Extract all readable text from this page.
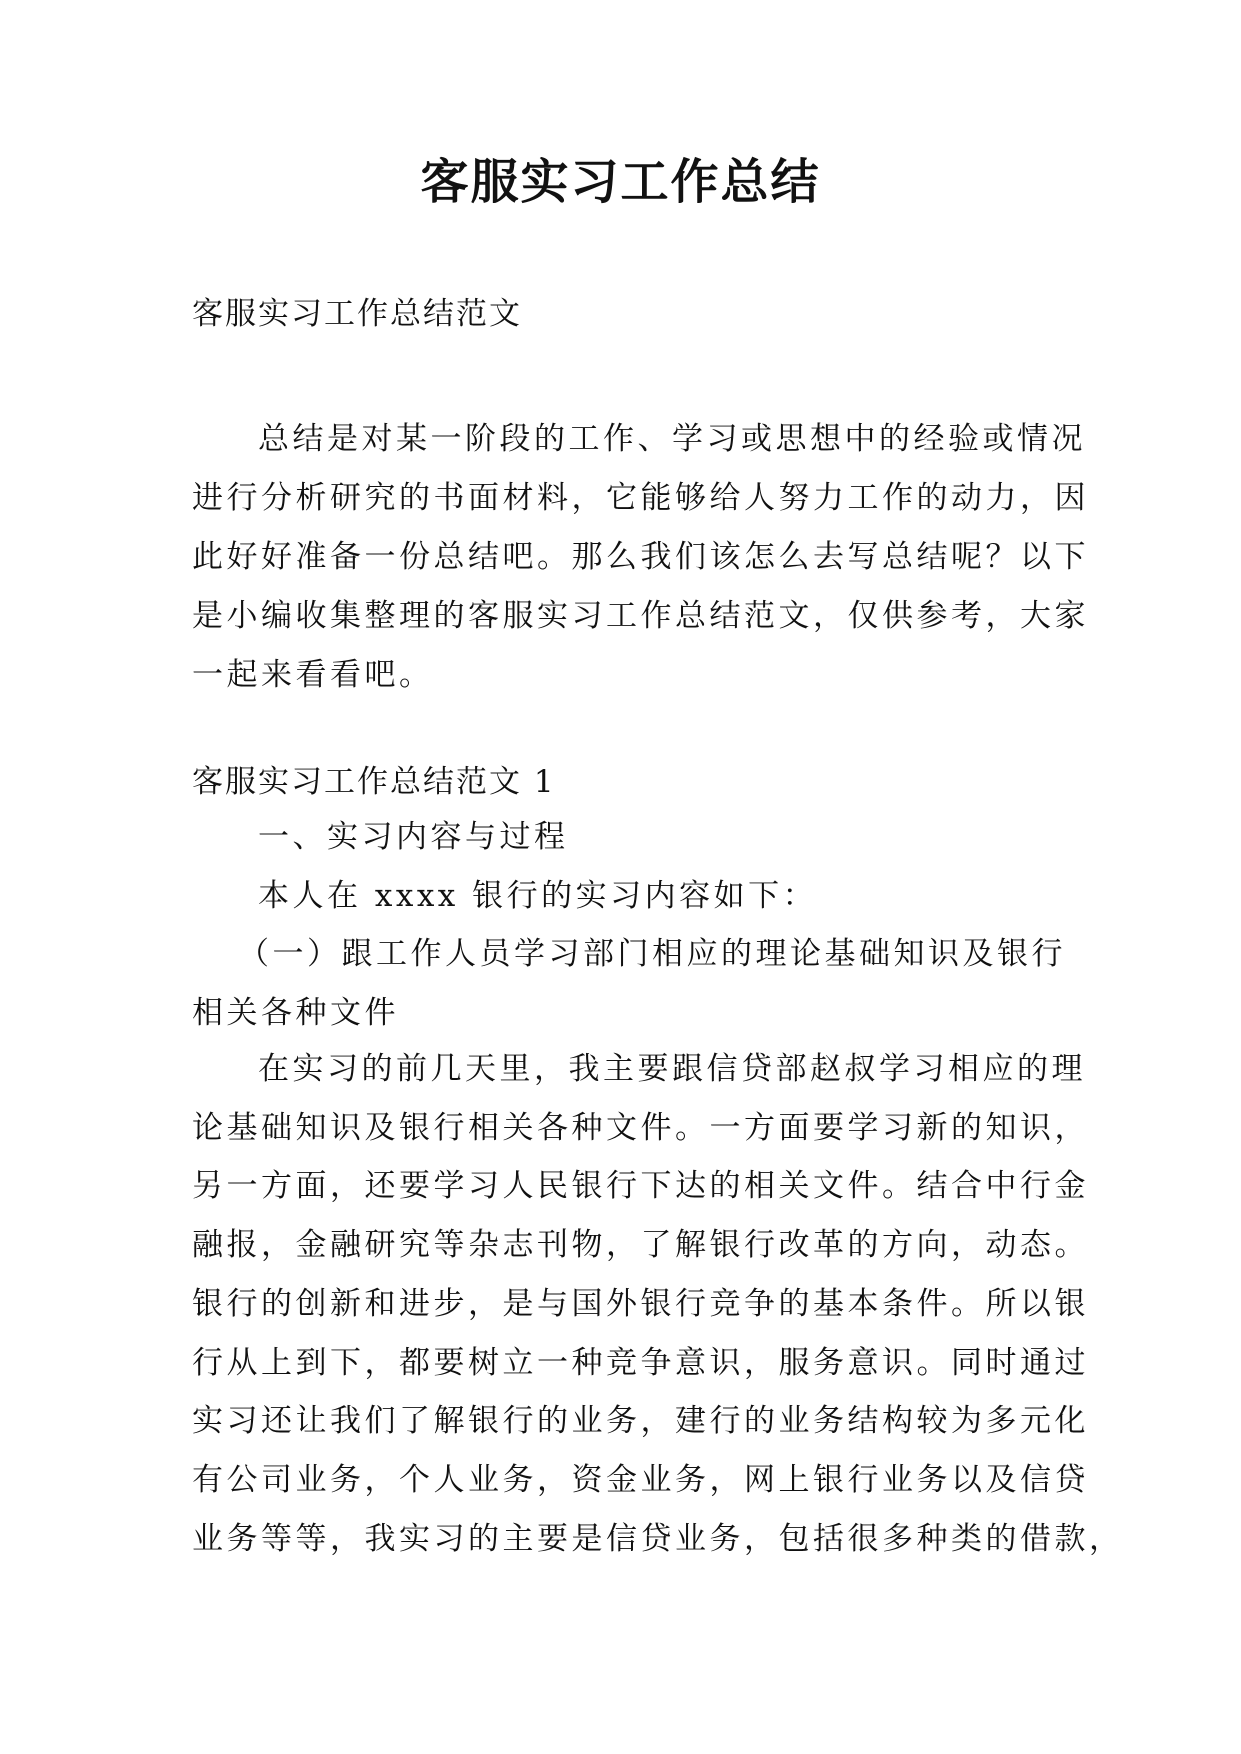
客服实习工作总结

客服实习工作总结范文

总结是对某一阶段的工作、学习或思想中的经验或情况
进行分析研究的书面材料，它能够给人努力工作的动力，因
此好好准备一份总结吧。那么我们该怎么去写总结呢？以下
是小编收集整理的客服实习工作总结范文，仅供参考，大家
一起来看看吧。

客服实习工作总结范文 1

一、实习内容与过程
本人在 xxxx 银行的实习内容如下：
（一）跟工作人员学习部门相应的理论基础知识及银行
相关各种文件
在实习的前几天里，我主要跟信贷部赵叔学习相应的理
论基础知识及银行相关各种文件。一方面要学习新的知识，
另一方面，还要学习人民银行下达的相关文件。结合中行金
融报，金融研究等杂志刊物，了解银行改革的方向，动态。
银行的创新和进步，是与国外银行竞争的基本条件。所以银
行从上到下，都要树立一种竞争意识，服务意识。同时通过
实习还让我们了解银行的业务，建行的业务结构较为多元化
有公司业务，个人业务，资金业务，网上银行业务以及信贷
业务等等，我实习的主要是信贷业务，包括很多种类的借款，
